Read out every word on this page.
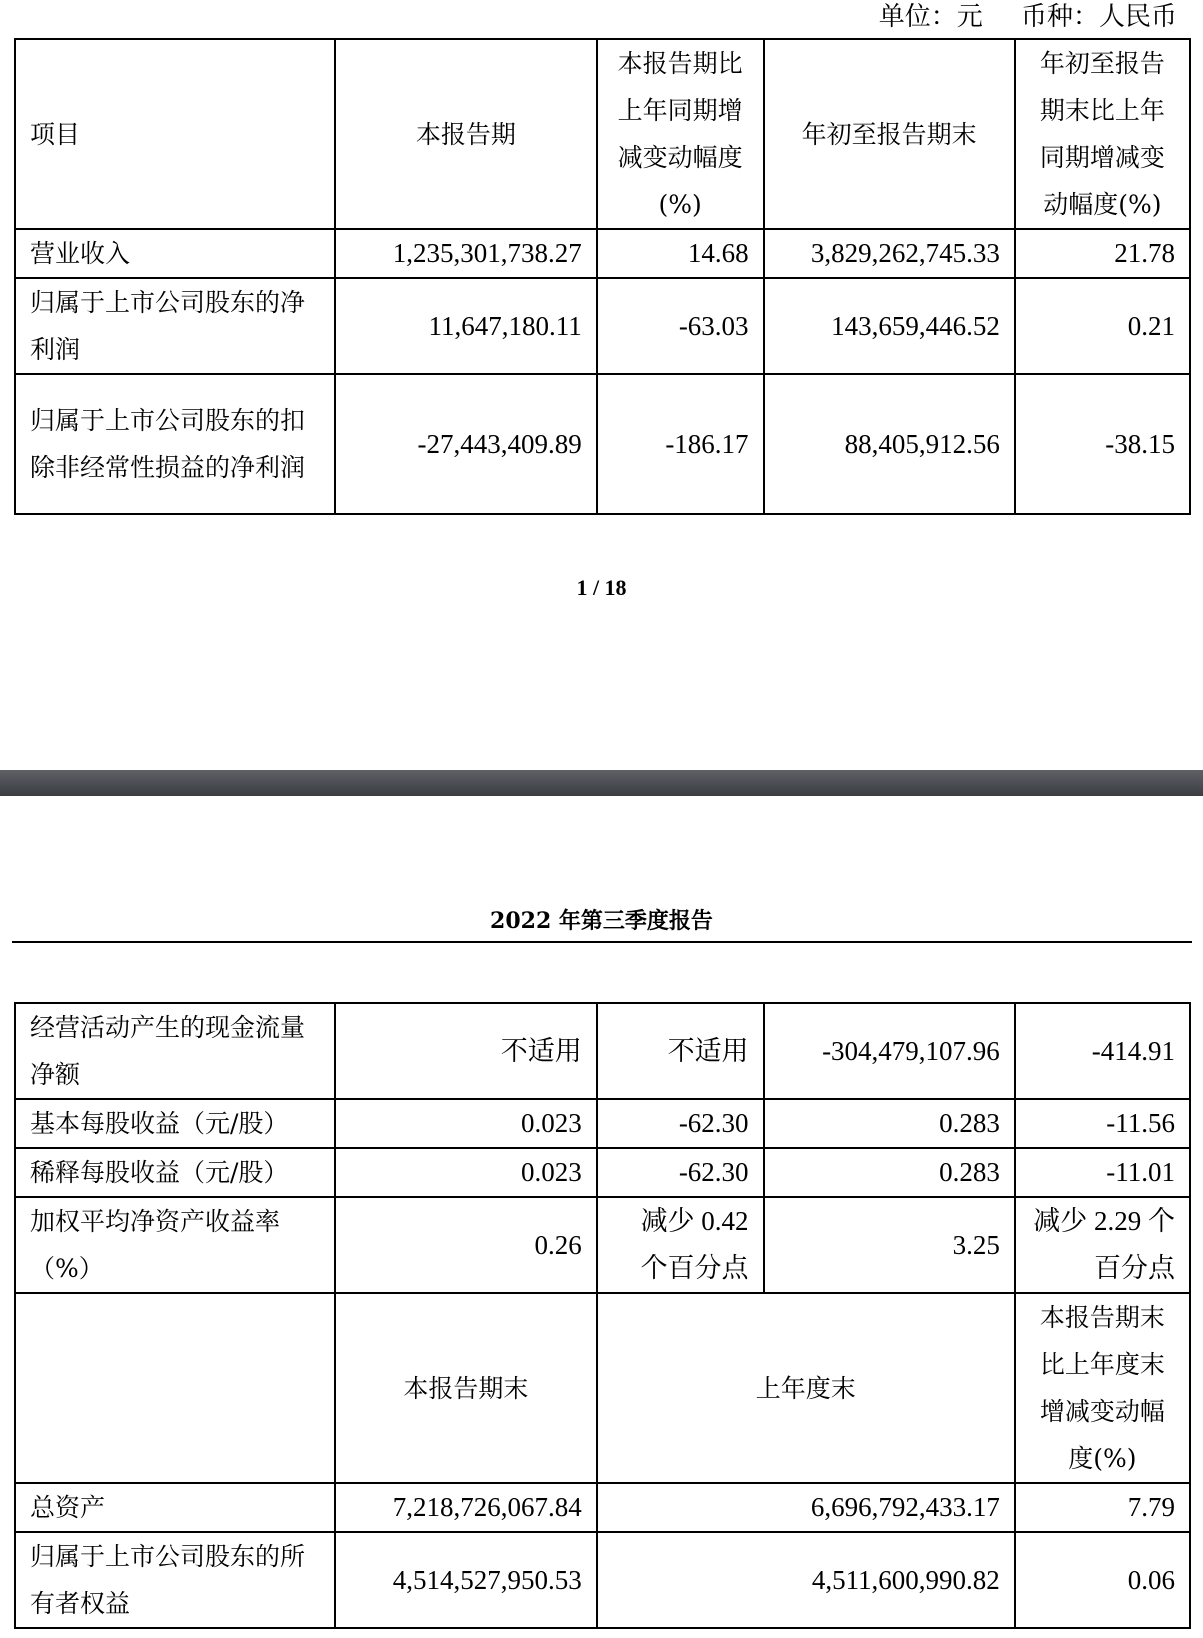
单位：元 　 币种：人民币
项目	本报告期	本报告期比上年同期增减变动幅度(%)	年初至报告期末	年初至报告期末比上年同期增减变动幅度(%)
营业收入	1,235,301,738.27	14.68	3,829,262,745.33	21.78
归属于上市公司股东的净利润	11,647,180.11	-63.03	143,659,446.52	0.21
归属于上市公司股东的扣除非经常性损益的净利润	-27,443,409.89	-186.17	88,405,912.56	-38.15
1 / 18
2022 年第三季度报告
经营活动产生的现金流量净额	不适用	不适用	-304,479,107.96	-414.91
基本每股收益（元/股）	0.023	-62.30	0.283	-11.56
稀释每股收益（元/股）	0.023	-62.30	0.283	-11.01
加权平均净资产收益率（%）	0.26	减少 0.42 个百分点	3.25	减少 2.29 个百分点
	本报告期末	上年度末		本报告期末比上年度末增减变动幅度(%)
总资产	7,218,726,067.84	6,696,792,433.17		7.79
归属于上市公司股东的所有者权益	4,514,527,950.53	4,511,600,990.82		0.06
